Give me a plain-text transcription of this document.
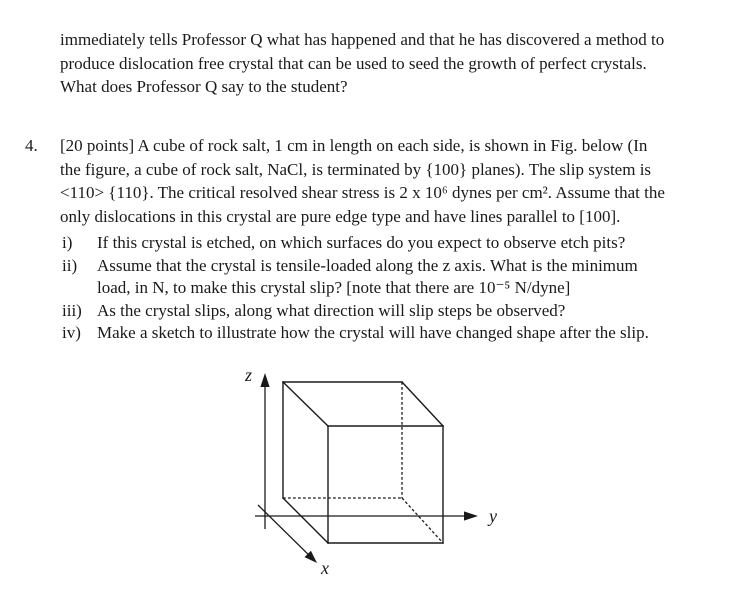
immediately tells Professor Q what has happened and that he has discovered a method to
produce dislocation free crystal that can be used to seed the growth of perfect crystals.
What does Professor Q say to the student?
4. [20 points] A cube of rock salt, 1 cm in length on each side, is shown in Fig. below (In
the figure, a cube of rock salt, NaCl, is terminated by {100} planes). The slip system is
<110> {110}. The critical resolved shear stress is 2 x 10⁶ dynes per cm². Assume that the
only dislocations in this crystal are pure edge type and have lines parallel to [100].
i)	If this crystal is etched, on which surfaces do you expect to observe etch pits?
ii)	Assume that the crystal is tensile-loaded along the z axis. What is the minimum
load, in N, to make this crystal slip? [note that there are 10⁻⁵ N/dyne]
iii) As the crystal slips, along what direction will slip steps be observed?
iv) Make a sketch to illustrate how the crystal will have changed shape after the slip.
z
y
x
